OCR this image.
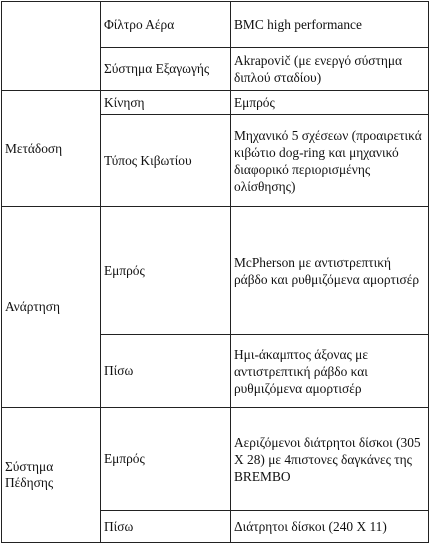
	Φίλτρο Αέρα	BMC high performance
	Σύστημα Εξαγωγής	Akrapovič (με ενεργό σύστημα διπλού σταδίου)
Μετάδοση	Κίνηση	Εμπρός
	Τύπος Κιβωτίου	Μηχανικό 5 σχέσεων (προαιρετικά κιβώτιο dog-ring και μηχανικό διαφορικό περιορισμένης ολίσθησης)
Ανάρτηση	Εμπρός	McPherson με αντιστρεπτική ράβδο και ρυθμιζόμενα αμορτισέρ
	Πίσω	Ημι-άκαμπτος άξονας με αντιστρεπτική ράβδο και ρυθμιζόμενα αμορτισέρ
Σύστημα Πέδησης	Εμπρός	Αεριζόμενοι διάτρητοι δίσκοι (305 X 28) με 4πιστονες δαγκάνες της BREMBO
	Πίσω	Διάτρητοι δίσκοι (240 X 11)
